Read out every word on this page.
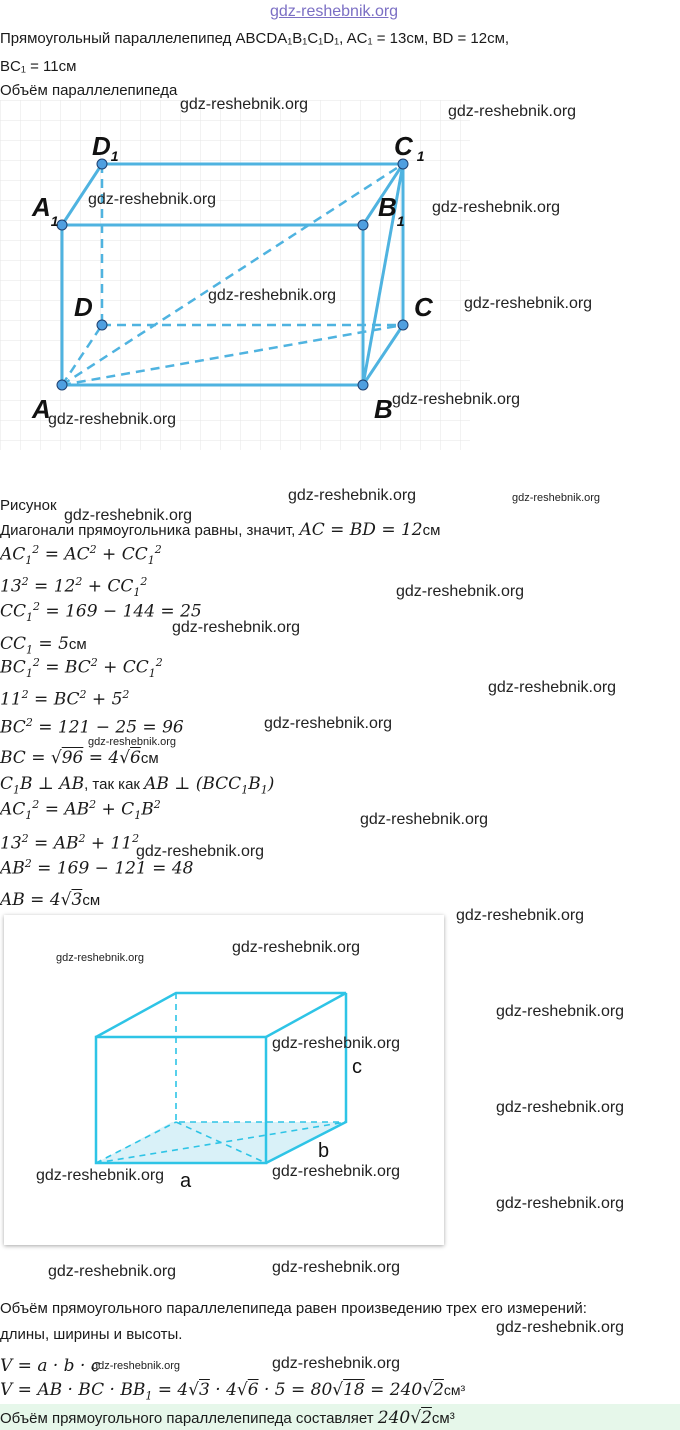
gdz-reshebnik.org
Прямоугольный параллелепипед ABCDA₁B₁C₁D₁, AC₁ = 13см, BD = 12см,
BC₁ = 11см
Объём параллелепипеда
$D_1$	C $_1$
$A_1$	$B_1$
D	C
A	B
gdz-reshebnik.org	gdz-reshebnik.org
gdz-reshebnik.org	gdz-reshebnik.org
gdz-reshebnik.org	gdz-reshebnik.org
gdz-reshebnik.org
gdz-reshebnik.org
Рисунок
gdz-reshebnik.org	gdz-reshebnik.org
gdz-reshebnik.org
Диагонали прямоугольника равны, значит, AC = BD = 12см
$AC_1^2 = AC^2 + CC_1^2$
$13^2 = 12^2 + CC_1^2$
$CC_1^2 = 169 - 144 = 25$
$CC_1 = 5см$
$BC_1^2 = BC^2 + CC_1^2$
$11^2 = BC^2 + 5^2$
$BC^2 = 121 - 25 = 96$
BC = √96 = 4√6см
$C_1B$ ⊥ AB, так как AB ⊥ $(BCC_1B_1)$
$AC_1^2 = AB^2 + C_1B^2$
$13^2 = AB^2 + 11^2$
$AB^2 = 169 - 121 = 48$
AB = 4√3см
gdz-reshebnik.org
gdz-reshebnik.org
gdz-reshebnik.org
gdz-reshebnik.org
gdz-reshebnik.org
gdz-reshebnik.org
gdz-reshebnik.org
gdz-reshebnik.org
c
b
a
gdz-reshebnik.org
gdz-reshebnik.org
gdz-reshebnik.org
gdz-reshebnik.org
gdz-reshebnik.org
gdz-reshebnik.org	gdz-reshebnik.org
gdz-reshebnik.org
gdz-reshebnik.org	gdz-reshebnik.org
Объём прямоугольного параллелепипеда равен произведению трех его измерений:
длины, ширины и высоты.	gdz-reshebnik.org
V = a · b · c
gdz-reshebnik.org	gdz-reshebnik.org
V = AB · BC · $BB_1 = 4√3 \cdot 4√6 \cdot 5 = 80√18 = 240√2см^3$
Объём прямоугольного параллелепипеда составляет 240√2см³
